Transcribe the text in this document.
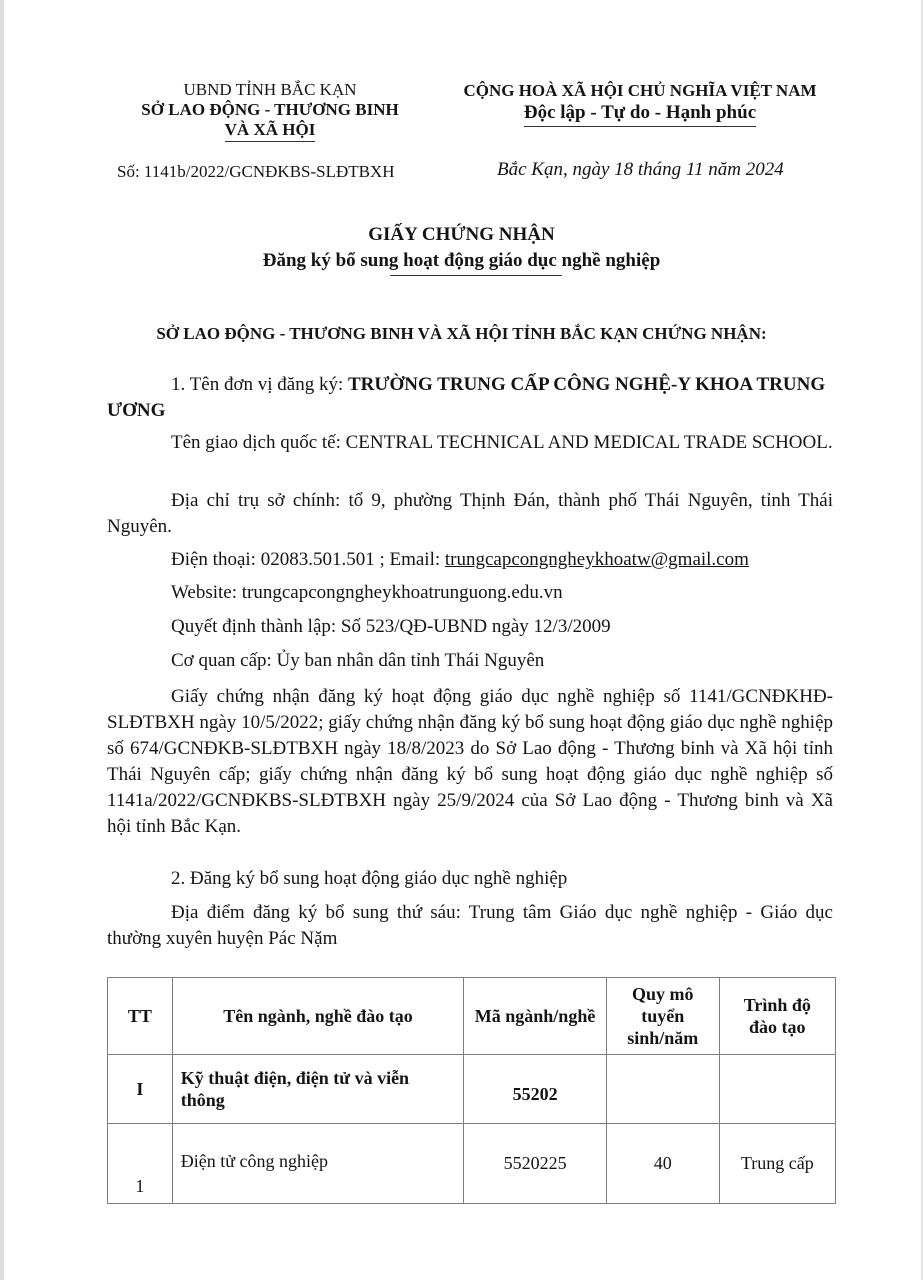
UBND TỈNH BẮC KẠN
SỞ LAO ĐỘNG - THƯƠNG BINH
VÀ XÃ HỘI
CỘNG HOÀ XÃ HỘI CHỦ NGHĨA VIỆT NAM
Độc lập - Tự do - Hạnh phúc
Số: 1141b/2022/GCNĐKBS-SLĐTBXH	Bắc Kạn, ngày 18 tháng 11 năm 2024
GIẤY CHỨNG NHẬN
Đăng ký bổ sung hoạt động giáo dục nghề nghiệp
SỞ LAO ĐỘNG - THƯƠNG BINH VÀ XÃ HỘI TỈNH BẮC KẠN CHỨNG NHẬN:
1. Tên đơn vị đăng ký: TRƯỜNG TRUNG CẤP CÔNG NGHỆ-Y KHOA TRUNG ƯƠNG
Tên giao dịch quốc tế: CENTRAL TECHNICAL AND MEDICAL TRADE SCHOOL.
Địa chỉ trụ sở chính: tổ 9, phường Thịnh Đán, thành phố Thái Nguyên, tỉnh Thái Nguyên.
Điện thoại: 02083.501.501 ; Email: trungcapcongngheykhoatw@gmail.com
Website: trungcapcongngheykhoatrunguong.edu.vn
Quyết định thành lập: Số 523/QĐ-UBND ngày 12/3/2009
Cơ quan cấp: Ủy ban nhân dân tỉnh Thái Nguyên
Giấy chứng nhận đăng ký hoạt động giáo dục nghề nghiệp số 1141/GCNĐKHĐ-SLĐTBXH ngày 10/5/2022; giấy chứng nhận đăng ký bổ sung hoạt động giáo dục nghề nghiệp số 674/GCNĐKB-SLĐTBXH ngày 18/8/2023 do Sở Lao động - Thương binh và Xã hội tỉnh Thái Nguyên cấp; giấy chứng nhận đăng ký bổ sung hoạt động giáo dục nghề nghiệp số 1141a/2022/GCNĐKBS-SLĐTBXH ngày 25/9/2024 của Sở Lao động - Thương binh và Xã hội tỉnh Bắc Kạn.
2. Đăng ký bổ sung hoạt động giáo dục nghề nghiệp
Địa điểm đăng ký bổ sung thứ sáu: Trung tâm Giáo dục nghề nghiệp - Giáo dục thường xuyên huyện Pác Nặm
TT	Tên ngành, nghề đào tạo	Mã ngành/nghề	Quy mô tuyển sinh/năm	Trình độ đào tạo
I	Kỹ thuật điện, điện tử và viễn thông	55202		
1	Điện tử công nghiệp	5520225	40	Trung cấp
